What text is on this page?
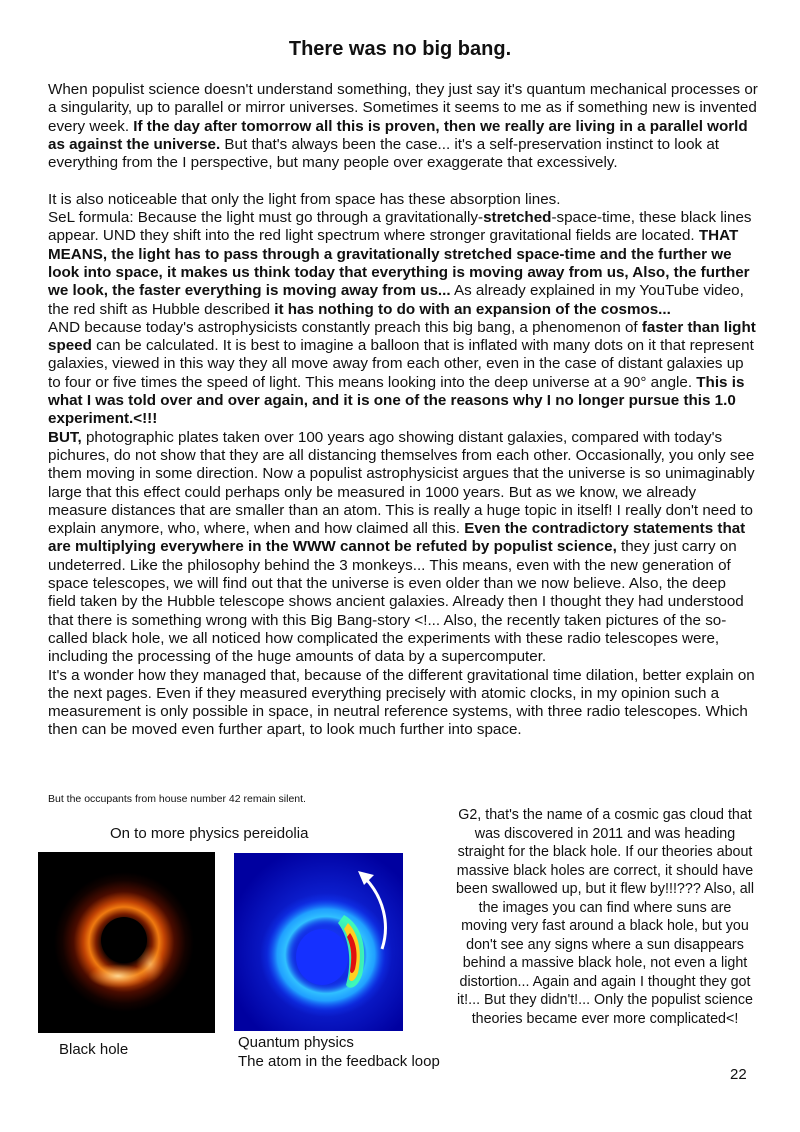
There was no big bang.

When populist science doesn't understand something, they just say it's quantum mechanical processes or a singularity, up to parallel or mirror universes. Sometimes it seems to me as if something new is invented every week. If the day after tomorrow all this is proven, then we really are living in a parallel world as against the universe. But that's always been the case... it's a self-preservation instinct to look at everything from the I perspective, but many people over exaggerate that excessively.

It is also noticeable that only the light from space has these absorption lines.

SeL formula: Because the light must go through a gravitationally-stretched-space-time, these black lines appear. UND they shift into the red light spectrum where stronger gravitational fields are located. THAT MEANS, the light has to pass through a gravitationally stretched space-time and the further we look into space, it makes us think today that everything is moving away from us, Also, the further we look, the faster everything is moving away from us... As already explained in my YouTube video, the red shift as Hubble described it has nothing to do with an expansion of the cosmos...

AND because today's astrophysicists constantly preach this big bang, a phenomenon of faster than light speed can be calculated. It is best to imagine a balloon that is inflated with many dots on it that represent galaxies, viewed in this way they all move away from each other, even in the case of distant galaxies up to four or five times the speed of light. This means looking into the deep universe at a 90° angle. This is what I was told over and over again, and it is one of the reasons why I no longer pursue this 1.0 experiment.<!!!

BUT, photographic plates taken over 100 years ago showing distant galaxies, compared with today's pichures, do not show that they are all distancing themselves from each other. Occasionally, you only see them moving in some direction. Now a populist astrophysicist argues that the universe is so unimaginably large that this effect could perhaps only be measured in 1000 years. But as we know, we already measure distances that are smaller than an atom. This is really a huge topic in itself! I really don't need to explain anymore, who, where, when and how claimed all this. Even the contradictory statements that are multiplying everywhere in the WWW cannot be refuted by populist science, they just carry on undeterred. Like the philosophy behind the 3 monkeys... This means, even with the new generation of space telescopes, we will find out that the universe is even older than we now believe. Also, the deep field taken by the Hubble telescope shows ancient galaxies. Already then I thought they had understood that there is something wrong with this Big Bang-story <!... Also, the recently taken pictures of the so-called black hole, we all noticed how complicated the experiments with these radio telescopes were, including the processing of the huge amounts of data by a supercomputer.

It's a wonder how they managed that, because of the different gravitational time dilation, better explain on the next pages. Even if they measured everything precisely with atomic clocks, in my opinion such a measurement is only possible in space, in neutral reference systems, with three radio telescopes. Which then can be moved even further apart, to look much further into space.

But the occupants from house number 42 remain silent.
On to more physics pereidolia
Black hole	Quantum physics
The atom in the feedback loop
G2, that's the name of a cosmic gas cloud that was discovered in 2011 and was heading straight for the black hole. If our theories about massive black holes are correct, it should have been swallowed up, but it flew by!!!??? Also, all the images you can find where suns are moving very fast around a black hole, but you don't see any signs where a sun disappears behind a massive black hole, not even a light distortion... Again and again I thought they got it!... But they didn't!... Only the populist science theories became ever more complicated<!
22
